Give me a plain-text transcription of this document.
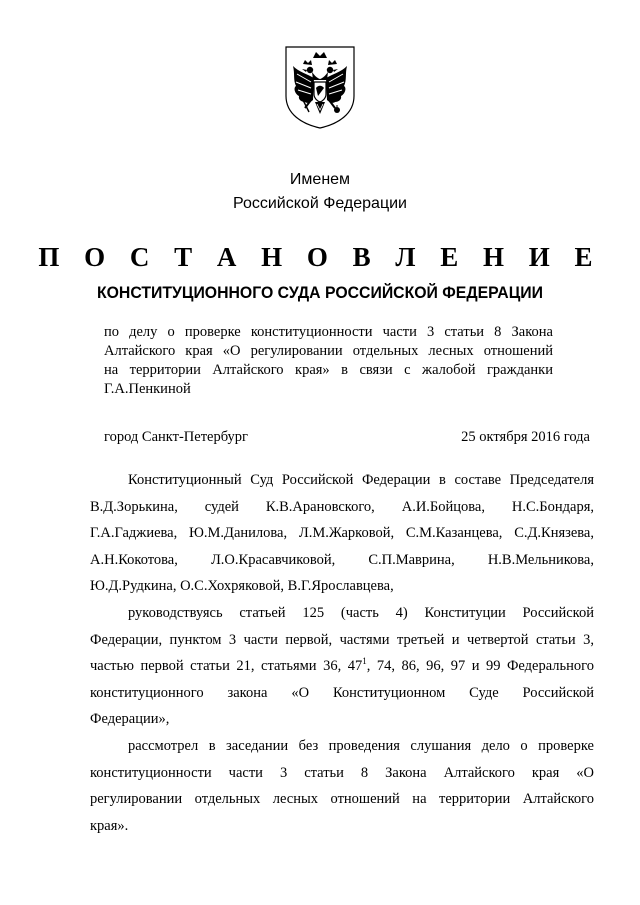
Именем
Российской Федерации
П О С Т А Н О В Л Е Н И Е
КОНСТИТУЦИОННОГО СУДА РОССИЙСКОЙ ФЕДЕРАЦИИ
по делу о проверке конституционности части 3 статьи 8 Закона
Алтайского края «О регулировании отдельных лесных отношений
на территории Алтайского края» в связи с жалобой гражданки
Г.А.Пенкиной
город Санкт-Петербург	25 октября 2016 года
Конституционный Суд Российской Федерации в составе Председателя
В.Д.Зорькина, судей К.В.Арановского, А.И.Бойцова, Н.С.Бондаря,
Г.А.Гаджиева, Ю.М.Данилова, Л.М.Жарковой, С.М.Казанцева, С.Д.Князева,
А.Н.Кокотова, Л.О.Красавчиковой, С.П.Маврина, Н.В.Мельникова,
Ю.Д.Рудкина, О.С.Хохряковой, В.Г.Ярославцева,
руководствуясь статьей 125 (часть 4) Конституции Российской
Федерации, пунктом 3 части первой, частями третьей и четвертой статьи 3,
частью первой статьи 21, статьями 36, $47^1$, 74, 86, 96, 97 и 99 Федерального
конституционного закона «О Конституционном Суде Российской
Федерации»,
рассмотрел в заседании без проведения слушания дело о проверке
конституционности части 3 статьи 8 Закона Алтайского края «О
регулировании отдельных лесных отношений на территории Алтайского
края».
